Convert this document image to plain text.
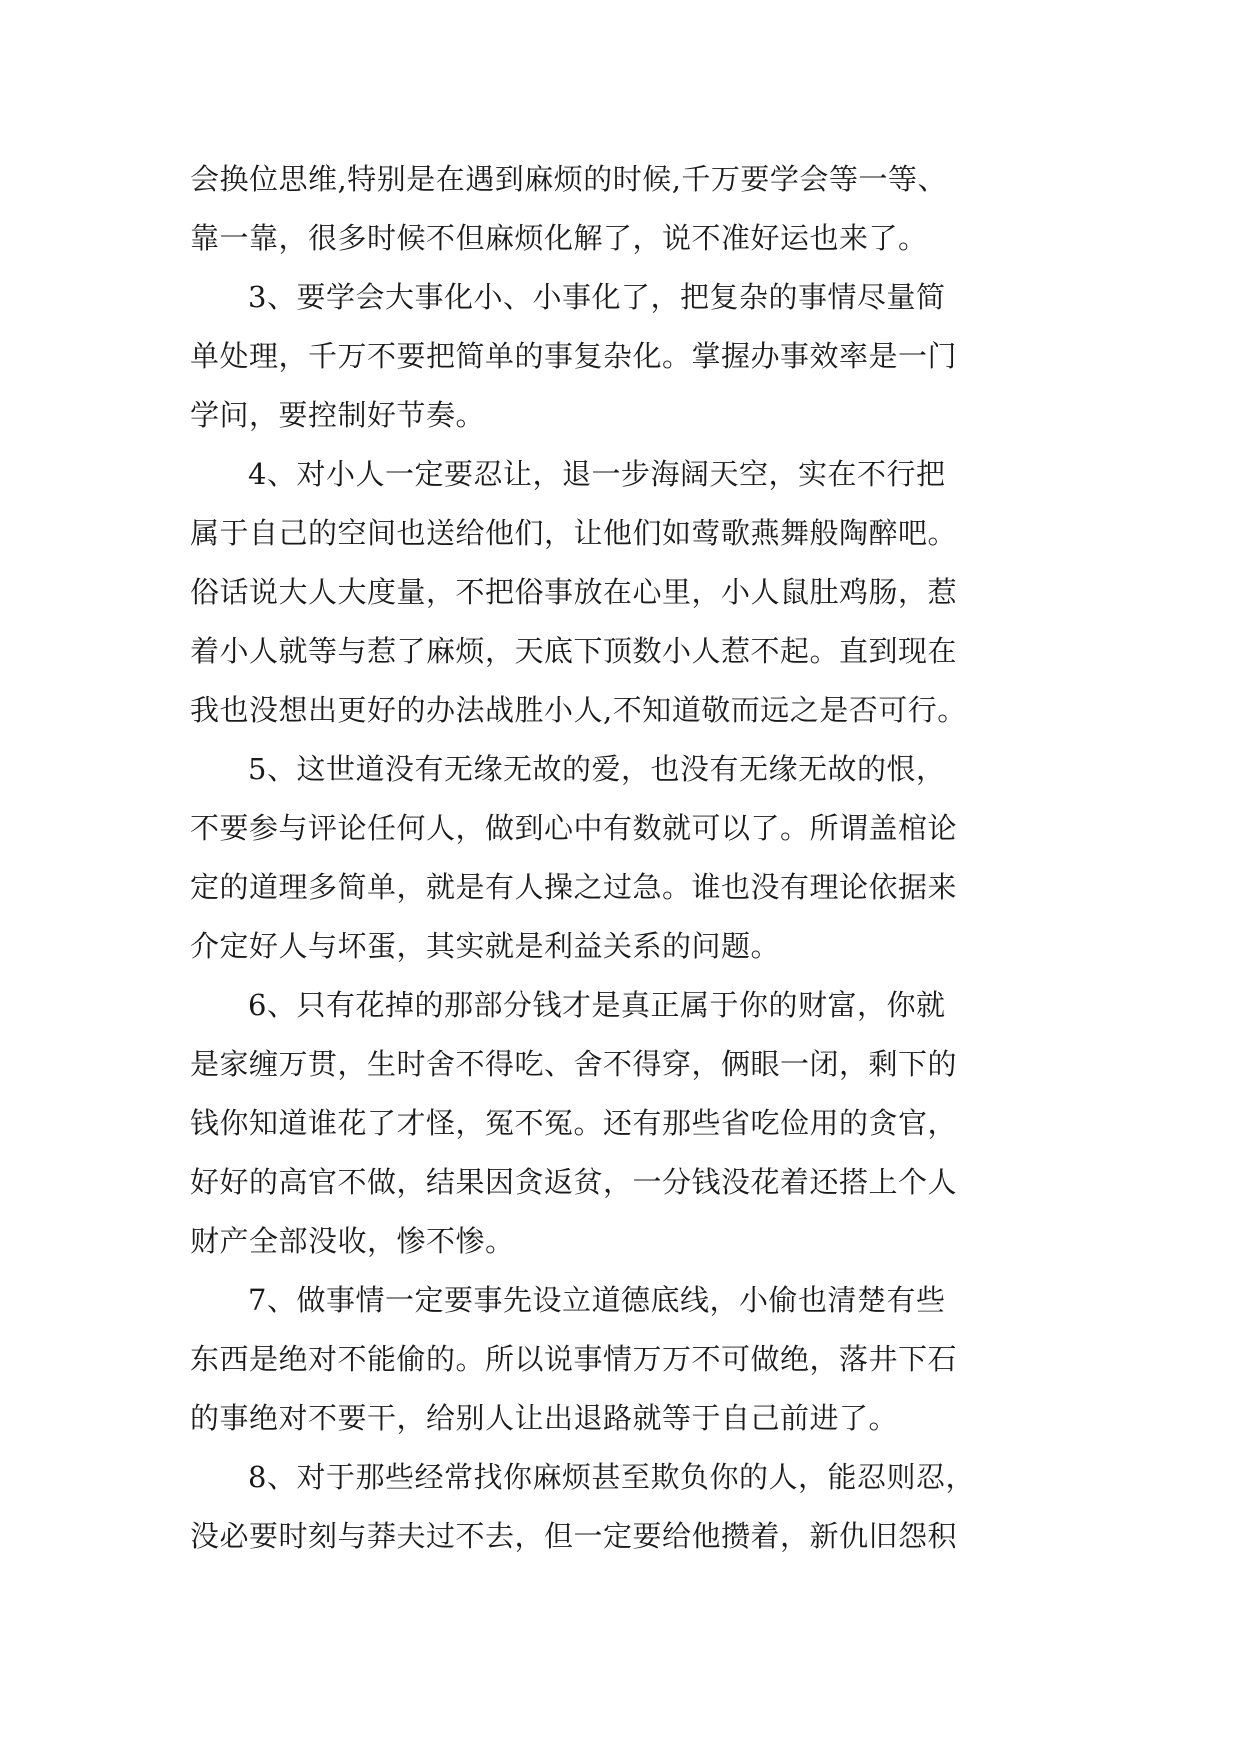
会换位思维,特别是在遇到麻烦的时候,千万要学会等一等、
靠一靠，很多时候不但麻烦化解了，说不准好运也来了。
3、要学会大事化小、小事化了，把复杂的事情尽量简
单处理，千万不要把简单的事复杂化。掌握办事效率是一门
学问，要控制好节奏。
4、对小人一定要忍让，退一步海阔天空，实在不行把
属于自己的空间也送给他们，让他们如莺歌燕舞般陶醉吧。
俗话说大人大度量，不把俗事放在心里，小人鼠肚鸡肠，惹
着小人就等与惹了麻烦，天底下顶数小人惹不起。直到现在
我也没想出更好的办法战胜小人,不知道敬而远之是否可行。
5、这世道没有无缘无故的爱，也没有无缘无故的恨，
不要参与评论任何人，做到心中有数就可以了。所谓盖棺论
定的道理多简单，就是有人操之过急。谁也没有理论依据来
介定好人与坏蛋，其实就是利益关系的问题。
6、只有花掉的那部分钱才是真正属于你的财富，你就
是家缠万贯，生时舍不得吃、舍不得穿，俩眼一闭，剩下的
钱你知道谁花了才怪，冤不冤。还有那些省吃俭用的贪官，
好好的高官不做，结果因贪返贫，一分钱没花着还搭上个人
财产全部没收，惨不惨。
7、做事情一定要事先设立道德底线，小偷也清楚有些
东西是绝对不能偷的。所以说事情万万不可做绝，落井下石
的事绝对不要干，给别人让出退路就等于自己前进了。
8、对于那些经常找你麻烦甚至欺负你的人，能忍则忍，
没必要时刻与莽夫过不去，但一定要给他攒着，新仇旧怨积
